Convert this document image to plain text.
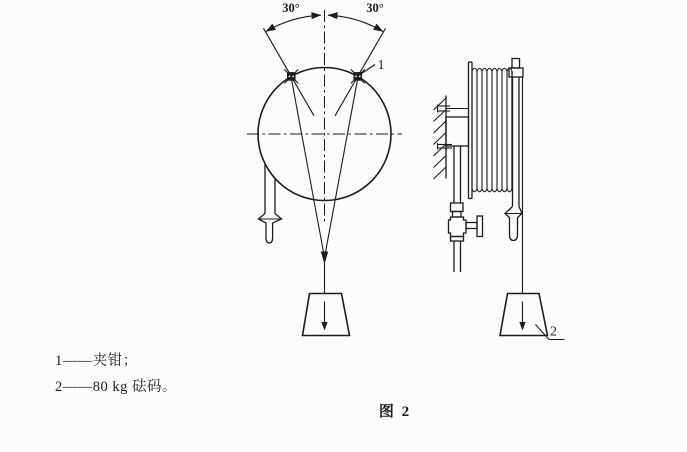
30°	30°
1
2
1——夹钳；
2——80 kg 砝码。
图 2
